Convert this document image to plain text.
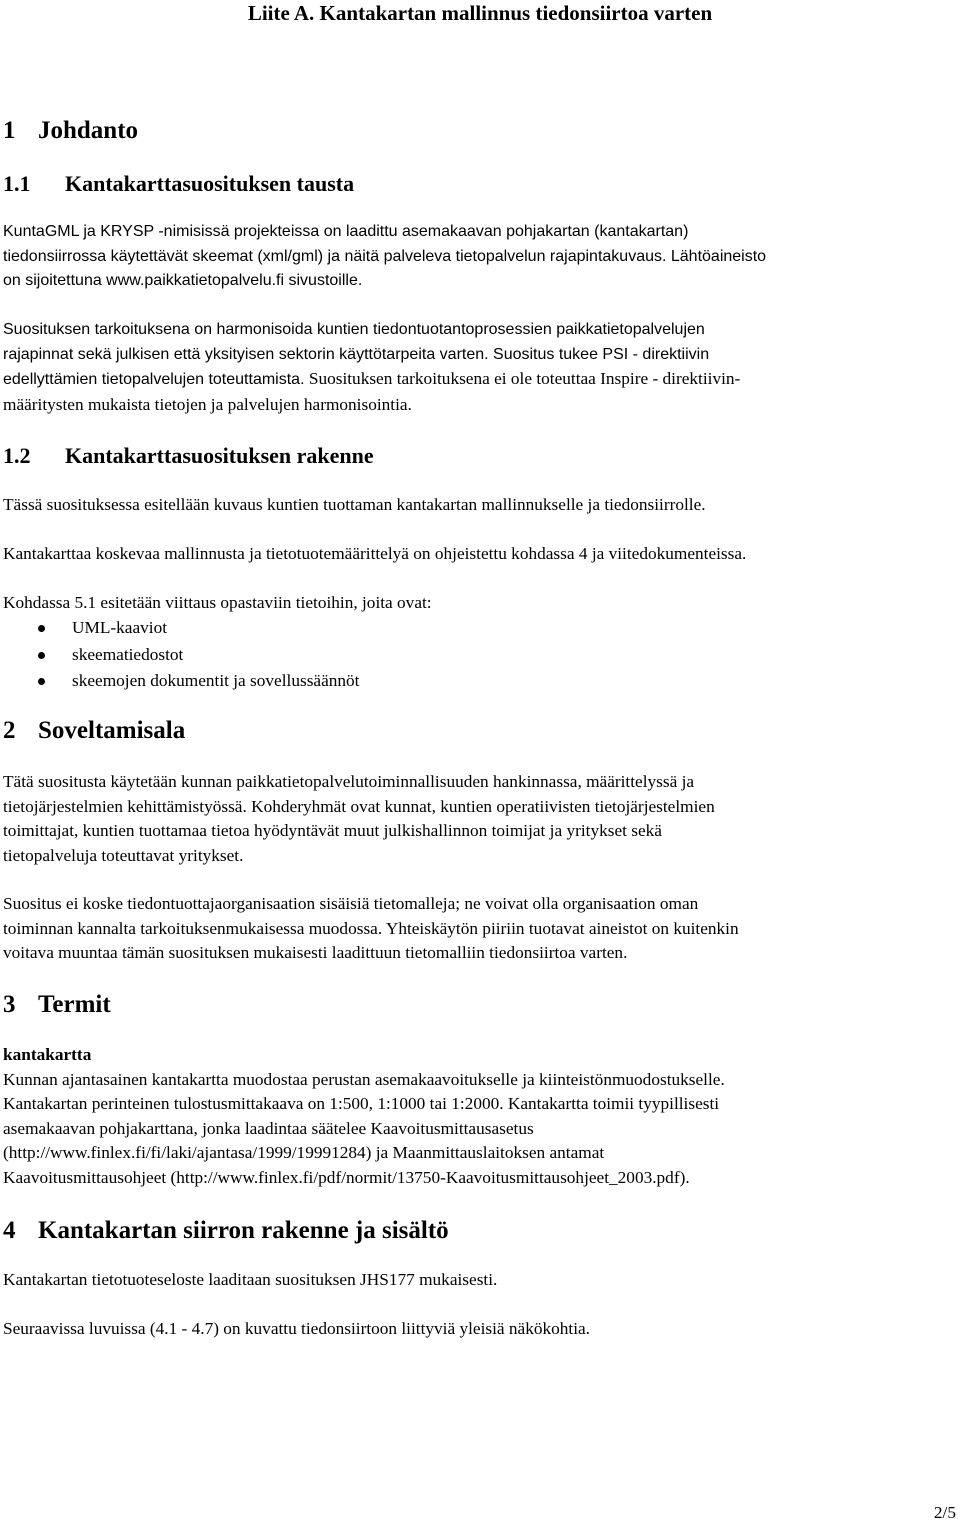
Liite A. Kantakartan mallinnus tiedonsiirtoa varten
1 Johdanto
1.1 Kantakarttasuosituksen tausta
KuntaGML ja KRYSP -nimisissä projekteissa on laadittu asemakaavan pohjakartan (kantakartan)
tiedonsiirrossa käytettävät skeemat (xml/gml) ja näitä palveleva tietopalvelun rajapintakuvaus. Lähtöaineisto
on sijoitettuna www.paikkatietopalvelu.fi sivustoille.
Suosituksen tarkoituksena on harmonisoida kuntien tiedontuotantoprosessien paikkatietopalvelujen
rajapinnat sekä julkisen että yksityisen sektorin käyttötarpeita varten. Suositus tukee PSI - direktiivin
edellyttämien tietopalvelujen toteuttamista. Suosituksen tarkoituksena ei ole toteuttaa Inspire - direktiivin-
määritysten mukaista tietojen ja palvelujen harmonisointia.
1.2 Kantakarttasuosituksen rakenne
Tässä suosituksessa esitellään kuvaus kuntien tuottaman kantakartan mallinnukselle ja tiedonsiirrolle.
Kantakarttaa koskevaa mallinnusta ja tietotuotemäärittelyä on ohjeistettu kohdassa 4 ja viitedokumenteissa.
Kohdassa 5.1 esitetään viittaus opastaviin tietoihin, joita ovat:
UML-kaaviot
skeematiedostot
skeemojen dokumentit ja sovellussäännöt
2 Soveltamisala
Tätä suositusta käytetään kunnan paikkatietopalvelutoiminnallisuuden hankinnassa, määrittelyssä ja
tietojärjestelmien kehittämistyössä. Kohderyhmät ovat kunnat, kuntien operatiivisten tietojärjestelmien
toimittajat, kuntien tuottamaa tietoa hyödyntävät muut julkishallinnon toimijat ja yritykset sekä
tietopalveluja toteuttavat yritykset.
Suositus ei koske tiedontuottajaorganisaation sisäisiä tietomalleja; ne voivat olla organisaation oman
toiminnan kannalta tarkoituksenmukaisessa muodossa. Yhteiskäytön piiriin tuotavat aineistot on kuitenkin
voitava muuntaa tämän suosituksen mukaisesti laadittuun tietomalliin tiedonsiirtoa varten.
3 Termit
kantakartta
Kunnan ajantasainen kantakartta muodostaa perustan asemakaavoitukselle ja kiinteistönmuodostukselle.
Kantakartan perinteinen tulostusmittakaava on 1:500, 1:1000 tai 1:2000. Kantakartta toimii tyypillisesti
asemakaavan pohjakarttana, jonka laadintaa säätelee Kaavoitusmittausasetus
(http://www.finlex.fi/fi/laki/ajantasa/1999/19991284) ja Maanmittauslaitoksen antamat
Kaavoitusmittausohjeet (http://www.finlex.fi/pdf/normit/13750-Kaavoitusmittausohjeet_2003.pdf).
4 Kantakartan siirron rakenne ja sisältö
Kantakartan tietotuoteseloste laaditaan suosituksen JHS177 mukaisesti.
Seuraavissa luvuissa (4.1 - 4.7) on kuvattu tiedonsiirtoon liittyviä yleisiä näkökohtia.
2/5
